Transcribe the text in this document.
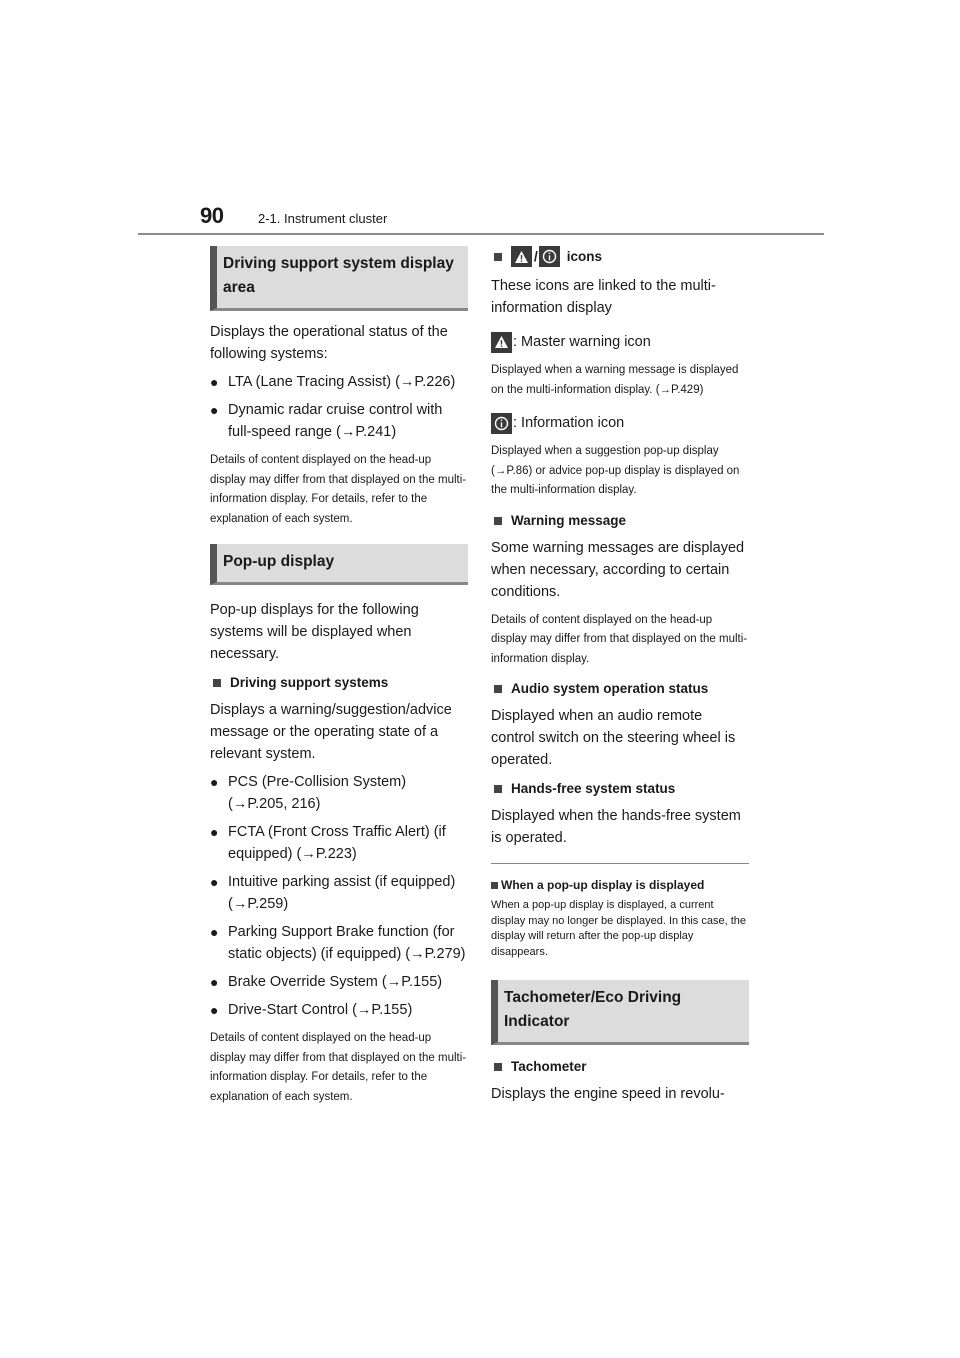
90	2-1. Instrument cluster
Driving support system display area

Displays the operational status of the following systems:

● LTA (Lane Tracing Assist) (→P.226)
● Dynamic radar cruise control with full-speed range (→P.241)

Details of content displayed on the head-up display may differ from that displayed on the multi-information display. For details, refer to the explanation of each system.

Pop-up display

Pop-up displays for the following systems will be displayed when necessary.

Driving support systems

Displays a warning/suggestion/advice message or the operating state of a relevant system.

● PCS (Pre-Collision System) (→P.205, 216)
● FCTA (Front Cross Traffic Alert) (if equipped) (→P.223)
● Intuitive parking assist (if equipped) (→P.259)
● Parking Support Brake function (for static objects) (if equipped) (→P.279)
● Brake Override System (→P.155)
● Drive-Start Control (→P.155)

Details of content displayed on the head-up display may differ from that displayed on the multi-information display. For details, refer to the explanation of each system.

/ icons

These icons are linked to the multi-information display

: Master warning icon

Displayed when a warning message is displayed on the multi-information display. (→P.429)

: Information icon

Displayed when a suggestion pop-up display (→P.86) or advice pop-up display is displayed on the multi-information display.

Warning message

Some warning messages are displayed when necessary, according to certain conditions.

Details of content displayed on the head-up display may differ from that displayed on the multi-information display.

Audio system operation status

Displayed when an audio remote control switch on the steering wheel is operated.

Hands-free system status

Displayed when the hands-free system is operated.

When a pop-up display is displayed

When a pop-up display is displayed, a current display may no longer be displayed. In this case, the display will return after the pop-up display disappears.

Tachometer/Eco Driving Indicator
Tachometer

Displays the engine speed in revolu-
